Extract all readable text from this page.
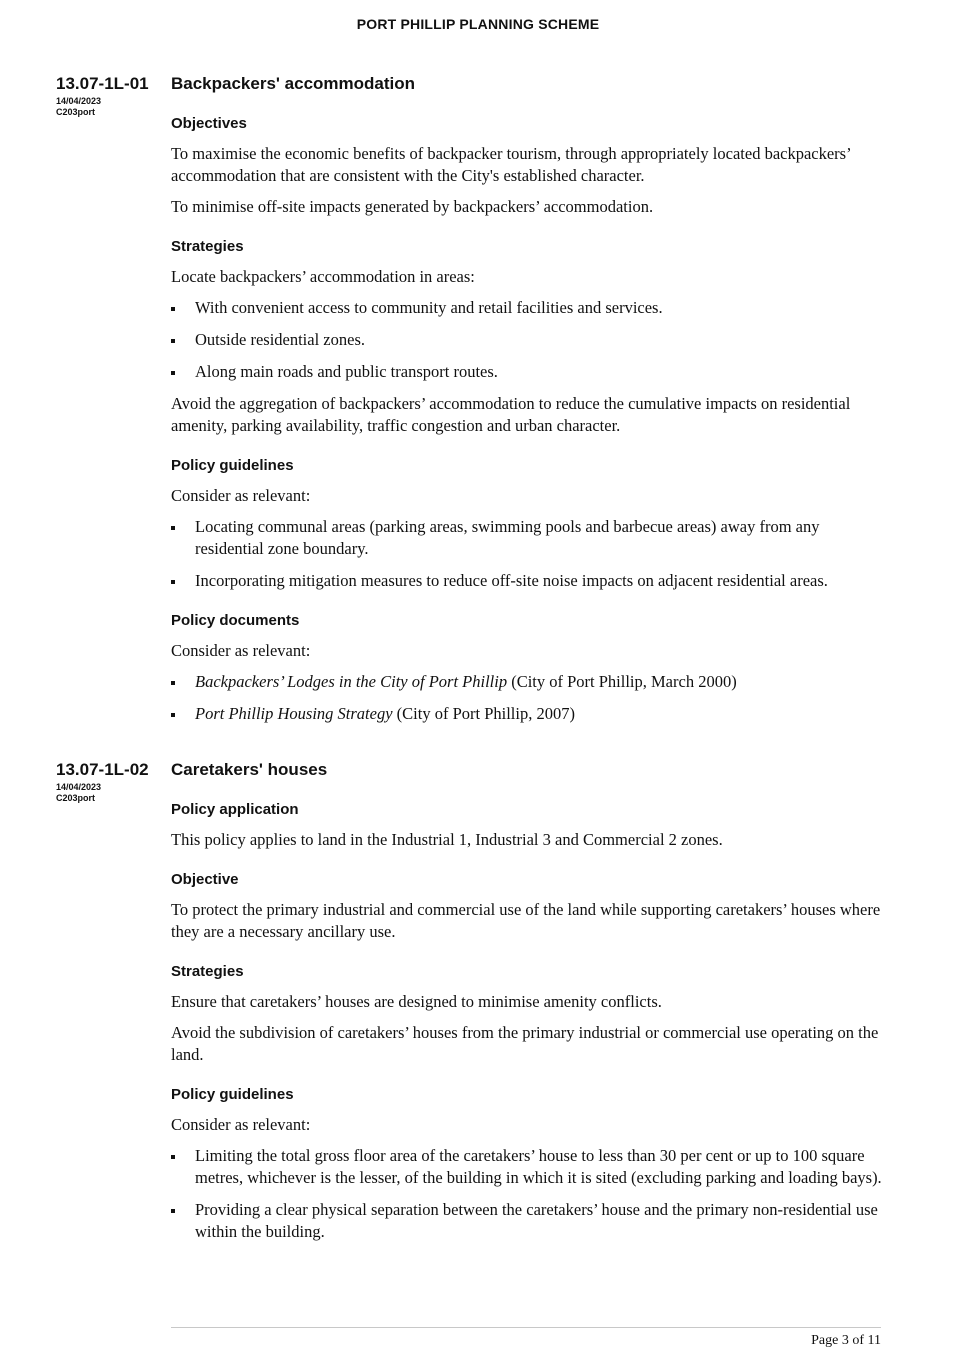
PORT PHILLIP PLANNING SCHEME
13.07-1L-01 Backpackers' accommodation
14/04/2023
C203port
Objectives

To maximise the economic benefits of backpacker tourism, through appropriately located backpackers’ accommodation that are consistent with the City's established character.

To minimise off-site impacts generated by backpackers’ accommodation.

Strategies

Locate backpackers’ accommodation in areas:

With convenient access to community and retail facilities and services.
Outside residential zones.
Along main roads and public transport routes.

Avoid the aggregation of backpackers’ accommodation to reduce the cumulative impacts on residential amenity, parking availability, traffic congestion and urban character.

Policy guidelines

Consider as relevant:

Locating communal areas (parking areas, swimming pools and barbecue areas) away from any residential zone boundary.
Incorporating mitigation measures to reduce off-site noise impacts on adjacent residential areas.
Policy documents

Consider as relevant:

Backpackers’ Lodges in the City of Port Phillip (City of Port Phillip, March 2000)
Port Phillip Housing Strategy (City of Port Phillip, 2007)
13.07-1L-02 Caretakers' houses
14/04/2023
C203port
Policy application

This policy applies to land in the Industrial 1, Industrial 3 and Commercial 2 zones.

Objective

To protect the primary industrial and commercial use of the land while supporting caretakers’ houses where they are a necessary ancillary use.

Strategies

Ensure that caretakers’ houses are designed to minimise amenity conflicts.

Avoid the subdivision of caretakers’ houses from the primary industrial or commercial use operating on the land.

Policy guidelines

Consider as relevant:

Limiting the total gross floor area of the caretakers’ house to less than 30 per cent or up to 100 square metres, whichever is the lesser, of the building in which it is sited (excluding parking and loading bays).
Providing a clear physical separation between the caretakers’ house and the primary non-residential use within the building.
Page 3 of 11
